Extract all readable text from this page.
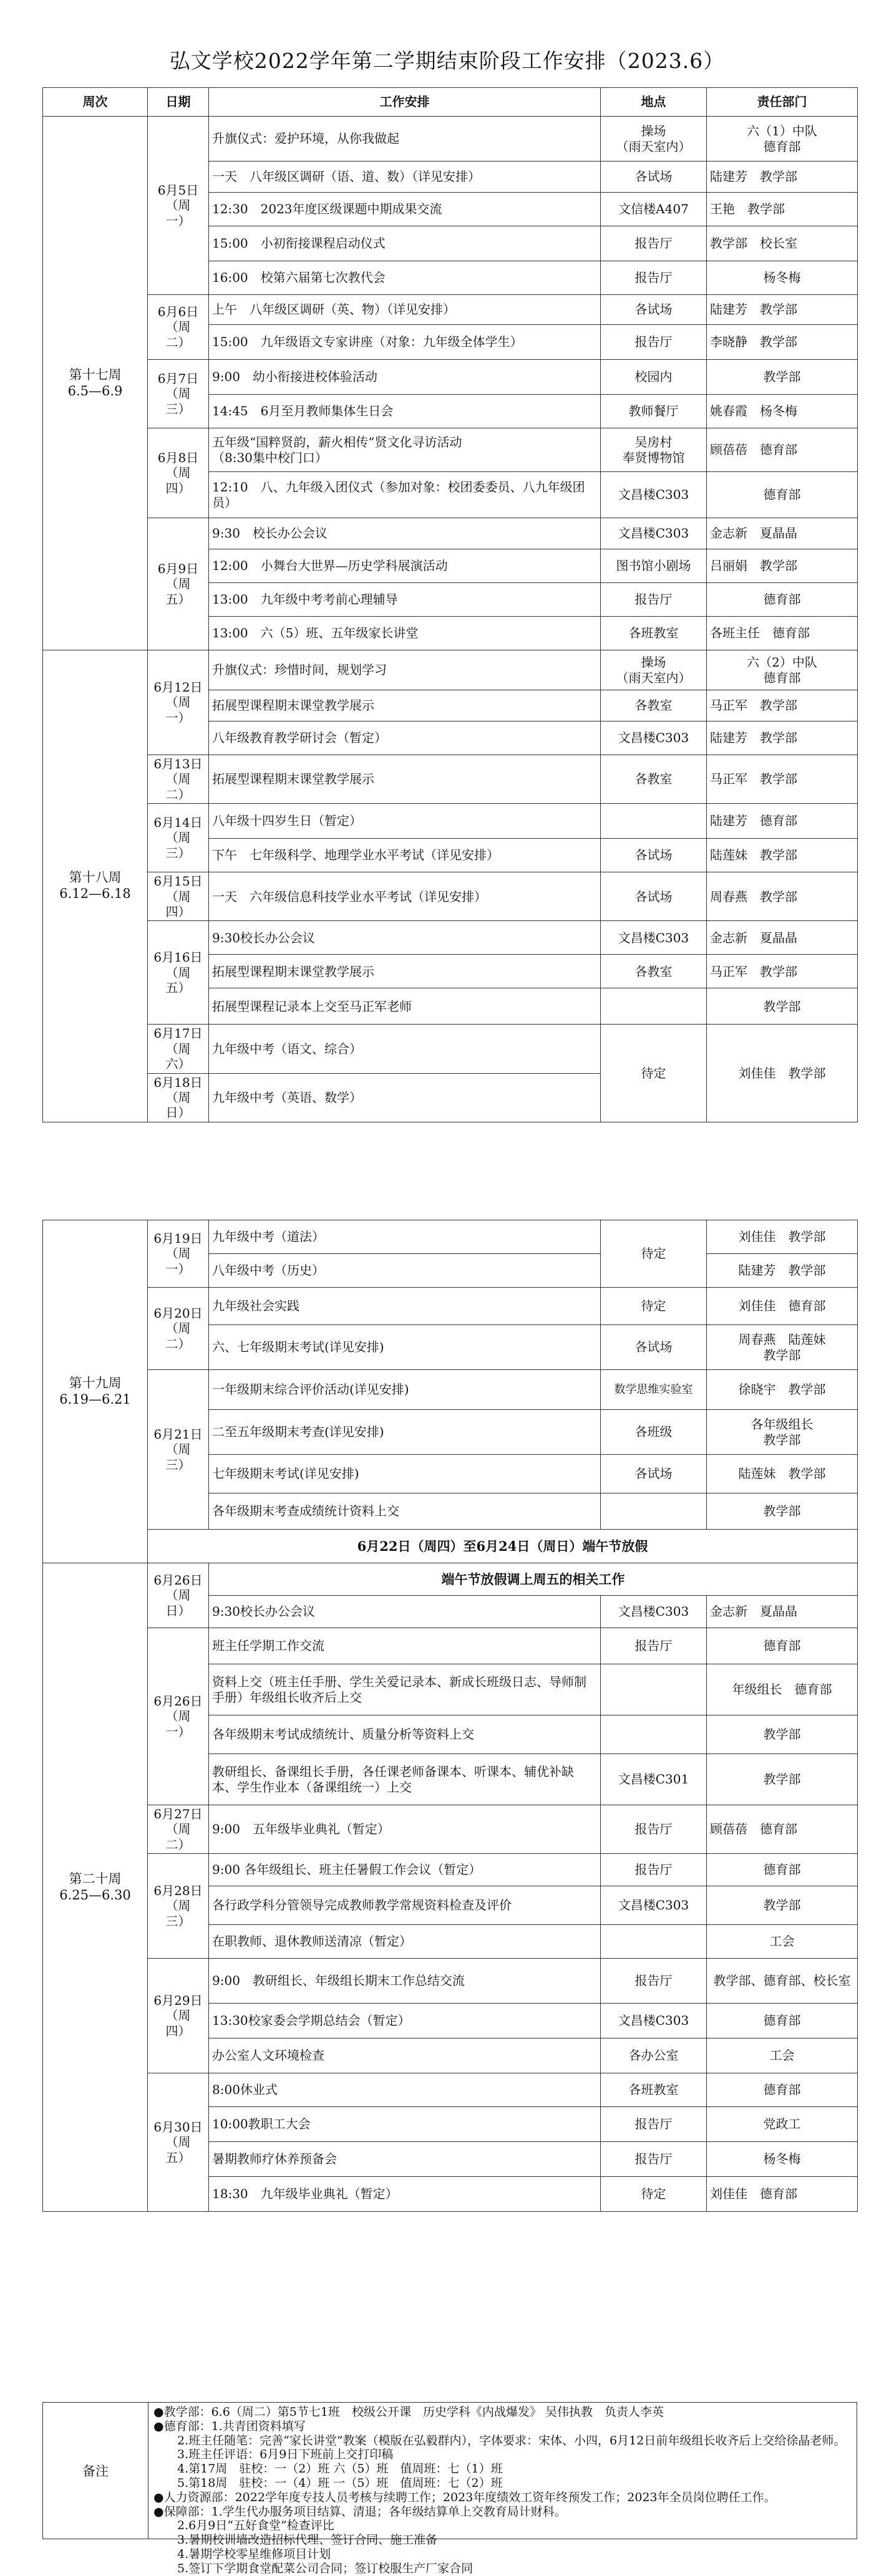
弘文学校2022学年第二学期结束阶段工作安排（2023.6）
周次	日期	工作安排	地点	责任部门
第十七周
6.5—6.9	6月5日
（周
一）	升旗仪式：爱护环境，从你我做起	操场
（雨天室内）	六（1）中队
德育部
		一天　八年级区调研（语、道、数）（详见安排）	各试场	陆建芳　教学部
		12:30　2023年度区级课题中期成果交流	文信楼A407	王艳　教学部
		15:00　小初衔接课程启动仪式	报告厅	教学部　校长室
		16:00　校第六届第七次教代会	报告厅	杨冬梅
	6月6日
（周
二）	上午　八年级区调研（英、物）（详见安排）	各试场	陆建芳　教学部
		15:00　九年级语文专家讲座（对象：九年级全体学生）	报告厅	李晓静　教学部
	6月7日
（周
三）	9:00　幼小衔接进校体验活动	校园内	教学部
		14:45　6月至月教师集体生日会	教师餐厅	姚春霞　杨冬梅
	6月8日
（周
四）	五年级“国粹贤韵，薪火相传”贤文化寻访活动
（8:30集中校门口）	吴房村
奉贤博物馆	顾蓓蓓　德育部
		12:10　八、九年级入团仪式（参加对象：校团委委员、八九年级团员）	文昌楼C303	德育部
	6月9日
（周
五）	9:30　校长办公会议	文昌楼C303	金志新　夏晶晶
		12:00　小舞台大世界—历史学科展演活动	图书馆小剧场	吕丽娟　教学部
		13:00　九年级中考考前心理辅导	报告厅	德育部
		13:00　六（5）班、五年级家长讲堂	各班教室	各班主任　德育部
第十八周
6.12—6.18	6月12日
（周
一）	升旗仪式：珍惜时间，规划学习	操场
（雨天室内）	六（2）中队
德育部
		拓展型课程期末课堂教学展示	各教室	马正军　教学部
		八年级教育教学研讨会（暂定）	文昌楼C303	陆建芳　教学部
	6月13日
（周
二）	拓展型课程期末课堂教学展示	各教室	马正军　教学部
	6月14日
（周
三）	八年级十四岁生日（暂定）		陆建芳　德育部
		下午　七年级科学、地理学业水平考试（详见安排）	各试场	陆莲妹　教学部
	6月15日
（周
四）	一天　六年级信息科技学业水平考试（详见安排）	各试场	周春燕　教学部
	6月16日
（周
五）	9:30校长办公会议	文昌楼C303	金志新　夏晶晶
		拓展型课程期末课堂教学展示	各教室	马正军　教学部
		拓展型课程记录本上交至马正军老师		教学部
	6月17日
（周
六）	九年级中考（语文、综合）	待定	刘佳佳　教学部
	6月18日
（周
日）	九年级中考（英语、数学）		
第十九周
6.19—6.21	6月19日
（周
一）	九年级中考（道法）	待定	刘佳佳　教学部
		八年级中考（历史）		陆建芳　教学部
	6月20日
（周
二）	九年级社会实践	待定	刘佳佳　德育部
		六、七年级期末考试(详见安排)	各试场	周春燕　陆莲妹
教学部
	6月21日
（周
三）	一年级期末综合评价活动(详见安排)	数学思维实验室	徐晓宇　教学部
		二至五年级期末考查(详见安排)	各班级	各年级组长
教学部
		七年级期末考试(详见安排)	各试场	陆莲妹　教学部
		各年级期末考查成绩统计资料上交		教学部
	6月22日（周四）至6月24日（周日）端午节放假			
第二十周
6.25—6.30	6月26日
（周
日）	端午节放假调上周五的相关工作		
		9:30校长办公会议	文昌楼C303	金志新　夏晶晶
	6月26日
（周
一）	班主任学期工作交流	报告厅	德育部
		资料上交（班主任手册、学生关爱记录本、新成长班级日志、导师制手册）年级组长收齐后上交		年级组长　德育部
		各年级期末考试成绩统计、质量分析等资料上交		教学部
		教研组长、备课组长手册，各任课老师备课本、听课本、辅优补缺本、学生作业本（备课组统一）上交	文昌楼C301	教学部
	6月27日
（周
二）	9:00　五年级毕业典礼（暂定）	报告厅	顾蓓蓓　德育部
	6月28日
（周
三）	9:00 各年级组长、班主任暑假工作会议（暂定）	报告厅	德育部
		各行政学科分管领导完成教师教学常规资料检查及评价	文昌楼C303	教学部
		在职教师、退休教师送清凉（暂定）		工会
	6月29日
（周
四）	9:00　教研组长、年级组长期末工作总结交流	报告厅	教学部、德育部、校长室
		13:30校家委会学期总结会（暂定）	文昌楼C303	德育部
		办公室人文环境检查	各办公室	工会
	6月30日
（周
五）	8:00休业式	各班教室	德育部
		10:00教职工大会	报告厅	党政工
		暑期教师疗休养预备会	报告厅	杨冬梅
		18:30　九年级毕业典礼（暂定）	待定	刘佳佳　德育部
备注
●教学部：6.6（周二）第5节七1班　校级公开课　历史学科《内战爆发》 吴伟执教　负责人李英
●德育部：1.共青团资料填写
　　2.班主任随笔：完善“家长讲堂”教案（模版在弘毅群内），字体要求：宋体、小四，6月12日前年级组长收齐后上交给徐晶老师。
　　3.班主任评语：6月9日下班前上交打印稿
　　4.第17周　驻校：一（2）班 六（5）班　值周班：七（1）班
　　5.第18周　驻校：一（4）班 一（5）班　值周班：七（2）班
●人力资源部：2022学年度专技人员考核与续聘工作；2023年度绩效工资年终预发工作；2023年全员岗位聘任工作。
●保障部：1.学生代办服务项目结算、清退；各年级结算单上交教育局计财科。
　　2.6月9日“五好食堂”检查评比
　　3.暑期校训墙改造招标代理、签订合同、施工准备
　　4.暑期学校零星维修项目计划
　　5.签订下学期食堂配菜公司合同；签订校服生产厂家合同
